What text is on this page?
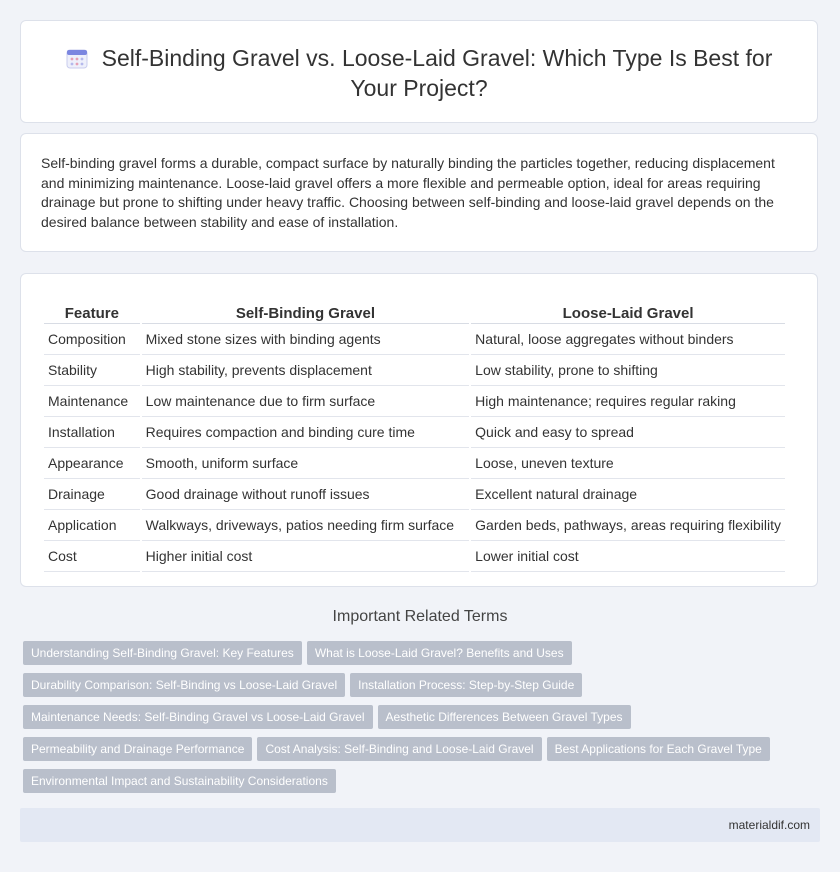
Self-Binding Gravel vs. Loose-Laid Gravel: Which Type Is Best for Your Project?

Self-binding gravel forms a durable, compact surface by naturally binding the particles together, reducing displacement and minimizing maintenance. Loose-laid gravel offers a more flexible and permeable option, ideal for areas requiring drainage but prone to shifting under heavy traffic. Choosing between self-binding and loose-laid gravel depends on the desired balance between stability and ease of installation.

Feature	Self-Binding Gravel	Loose-Laid Gravel
Composition	Mixed stone sizes with binding agents	Natural, loose aggregates without binders
Stability	High stability, prevents displacement	Low stability, prone to shifting
Maintenance	Low maintenance due to firm surface	High maintenance; requires regular raking
Installation	Requires compaction and binding cure time	Quick and easy to spread
Appearance	Smooth, uniform surface	Loose, uneven texture
Drainage	Good drainage without runoff issues	Excellent natural drainage
Application	Walkways, driveways, patios needing firm surface	Garden beds, pathways, areas requiring flexibility
Cost	Higher initial cost	Lower initial cost
Important Related Terms
Understanding Self-Binding Gravel: Key Features What is Loose-Laid Gravel? Benefits and Uses
Durability Comparison: Self-Binding vs Loose-Laid Gravel Installation Process: Step-by-Step Guide
Maintenance Needs: Self-Binding Gravel vs Loose-Laid Gravel Aesthetic Differences Between Gravel Types
Permeability and Drainage Performance Cost Analysis: Self-Binding and Loose-Laid Gravel Best Applications for Each Gravel Type
Environmental Impact and Sustainability Considerations
materialdif.com
